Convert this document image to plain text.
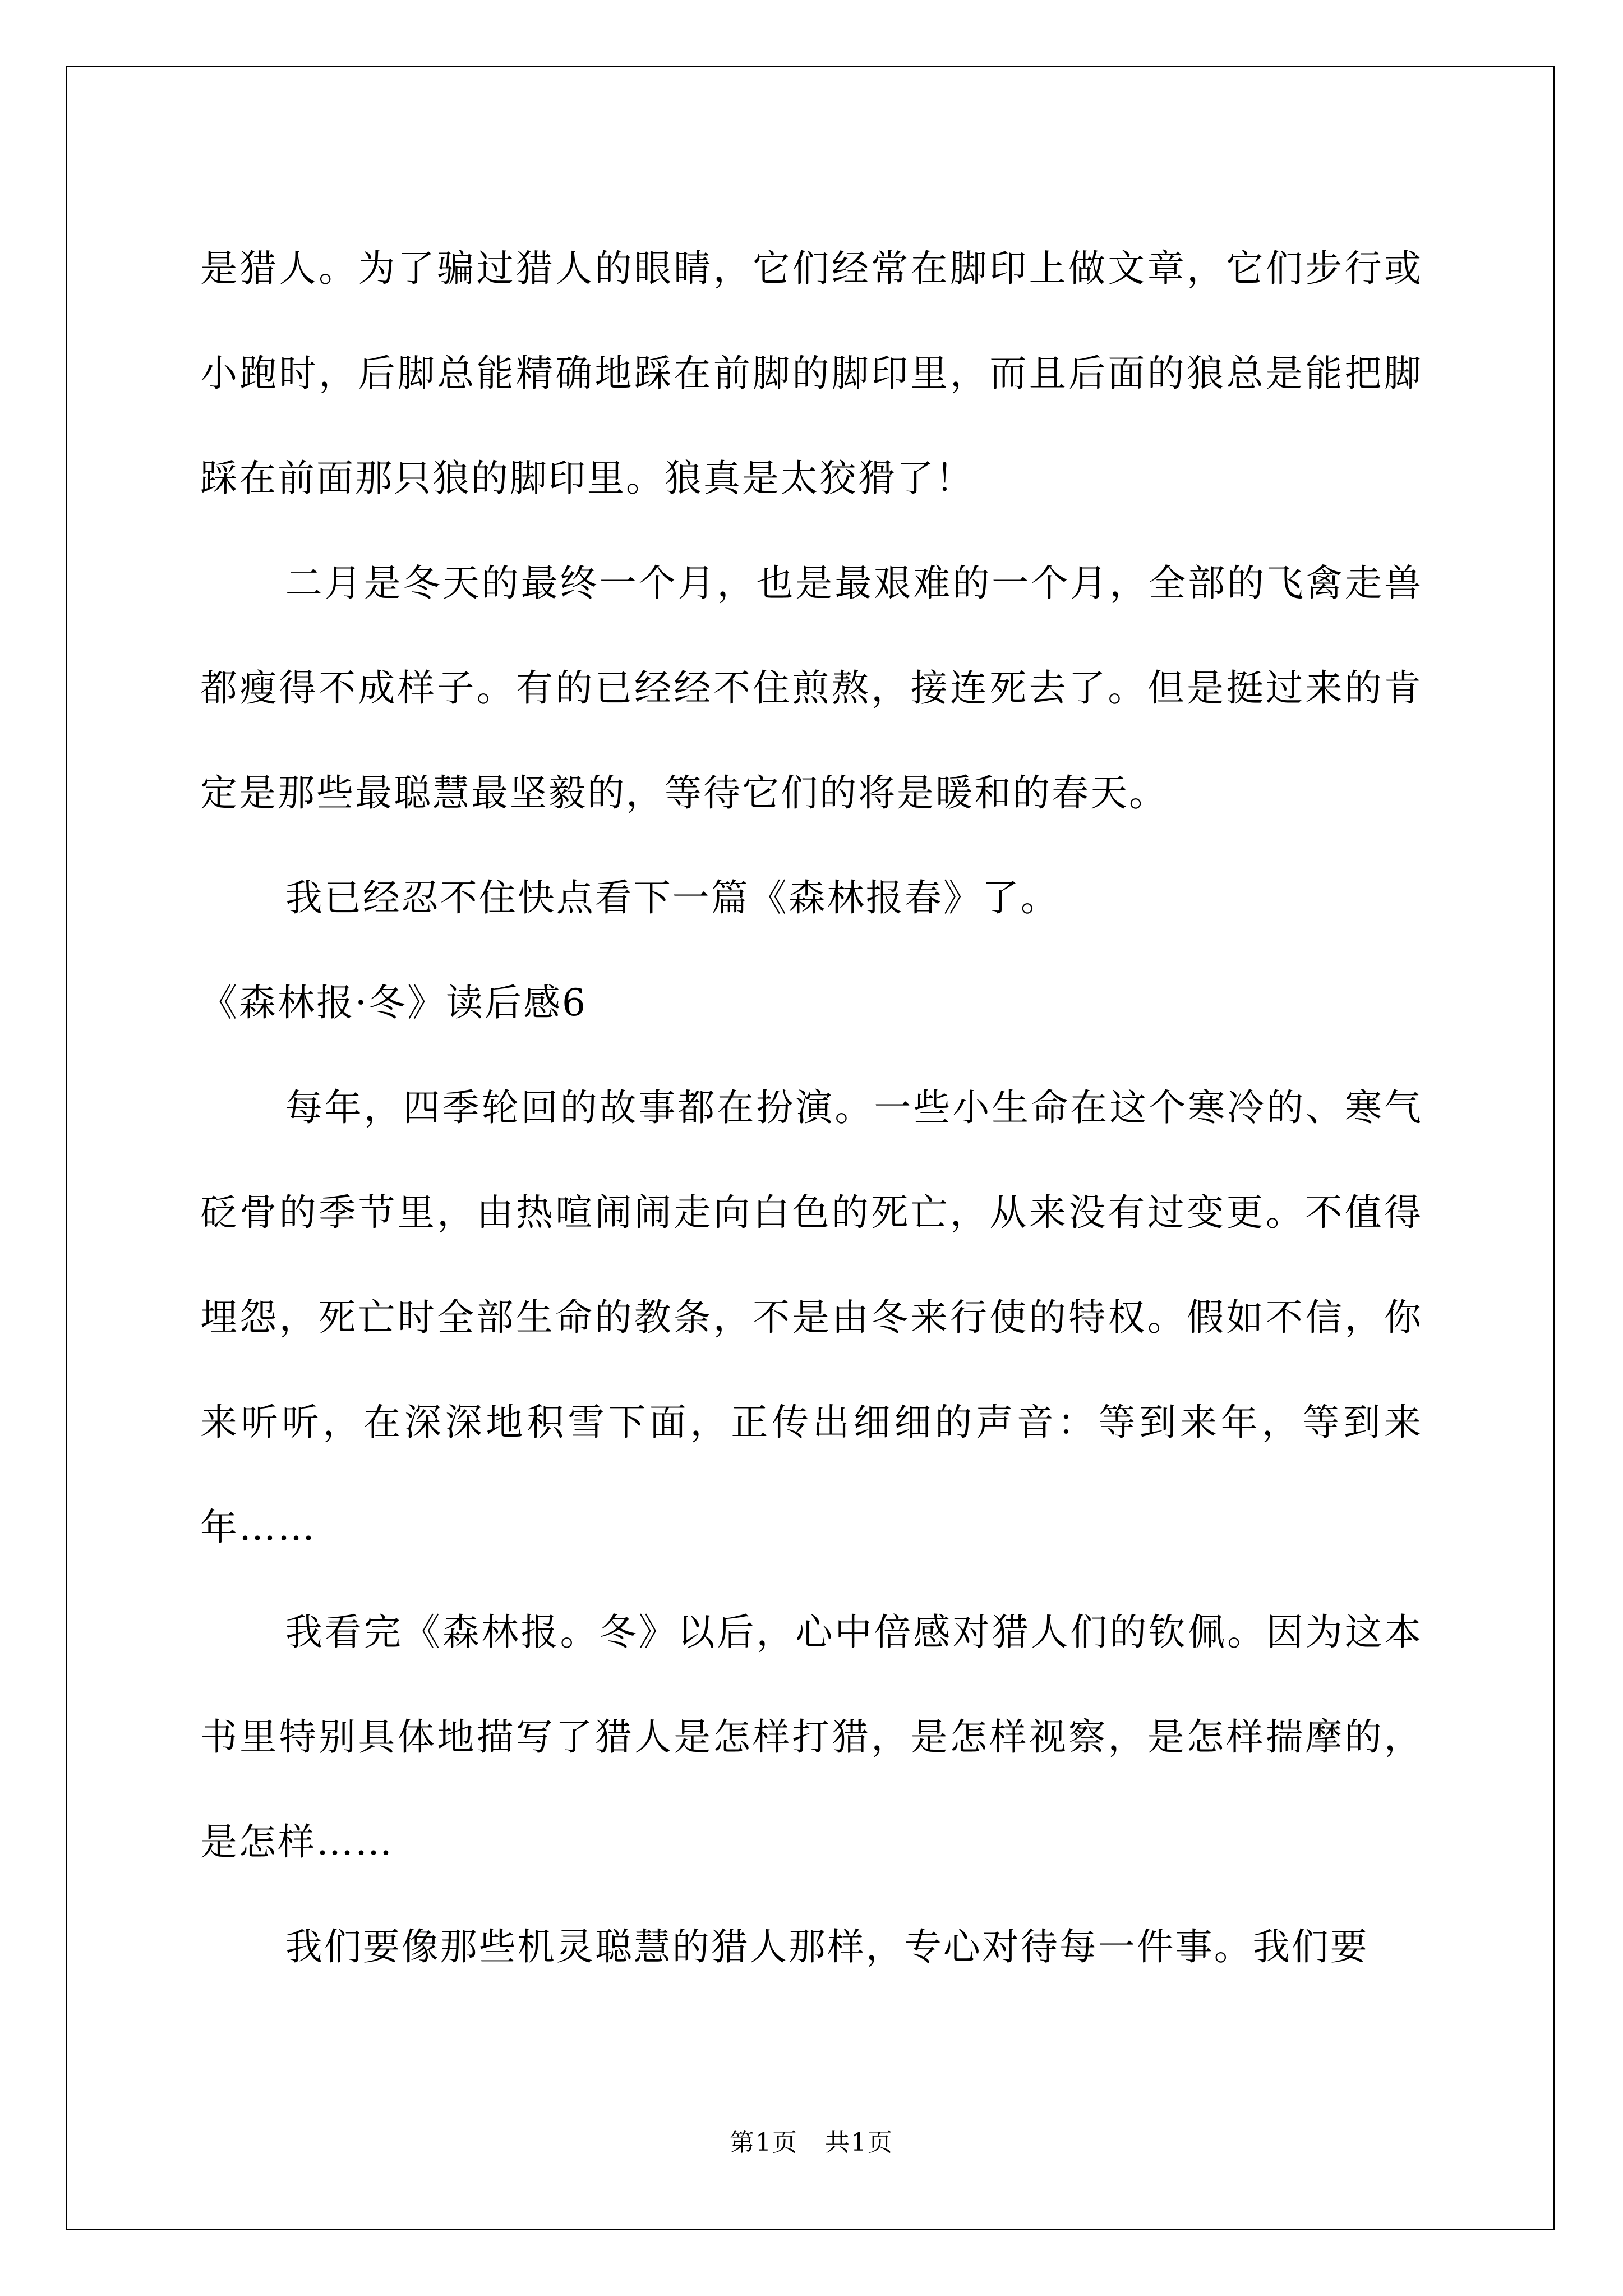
是猎人。为了骗过猎人的眼睛，它们经常在脚印上做文章，它们步行或小跑时，后脚总能精确地踩在前脚的脚印里，而且后面的狼总是能把脚踩在前面那只狼的脚印里。狼真是太狡猾了！

二月是冬天的最终一个月，也是最艰难的一个月，全部的飞禽走兽都瘦得不成样子。有的已经经不住煎熬，接连死去了。但是挺过来的肯定是那些最聪慧最坚毅的，等待它们的将是暖和的春天。

我已经忍不住快点看下一篇《森林报春》了。

《森林报·冬》读后感6

每年，四季轮回的故事都在扮演。一些小生命在这个寒冷的、寒气砭骨的季节里，由热喧闹闹走向白色的死亡，从来没有过变更。不值得埋怨，死亡时全部生命的教条，不是由冬来行使的特权。假如不信，你来听听，在深深地积雪下面，正传出细细的声音：等到来年，等到来年……

我看完《森林报。冬》以后，心中倍感对猎人们的钦佩。因为这本书里特别具体地描写了猎人是怎样打猎，是怎样视察，是怎样揣摩的，是怎样……

我们要像那些机灵聪慧的猎人那样，专心对待每一件事。我们要

第1页 共1页
